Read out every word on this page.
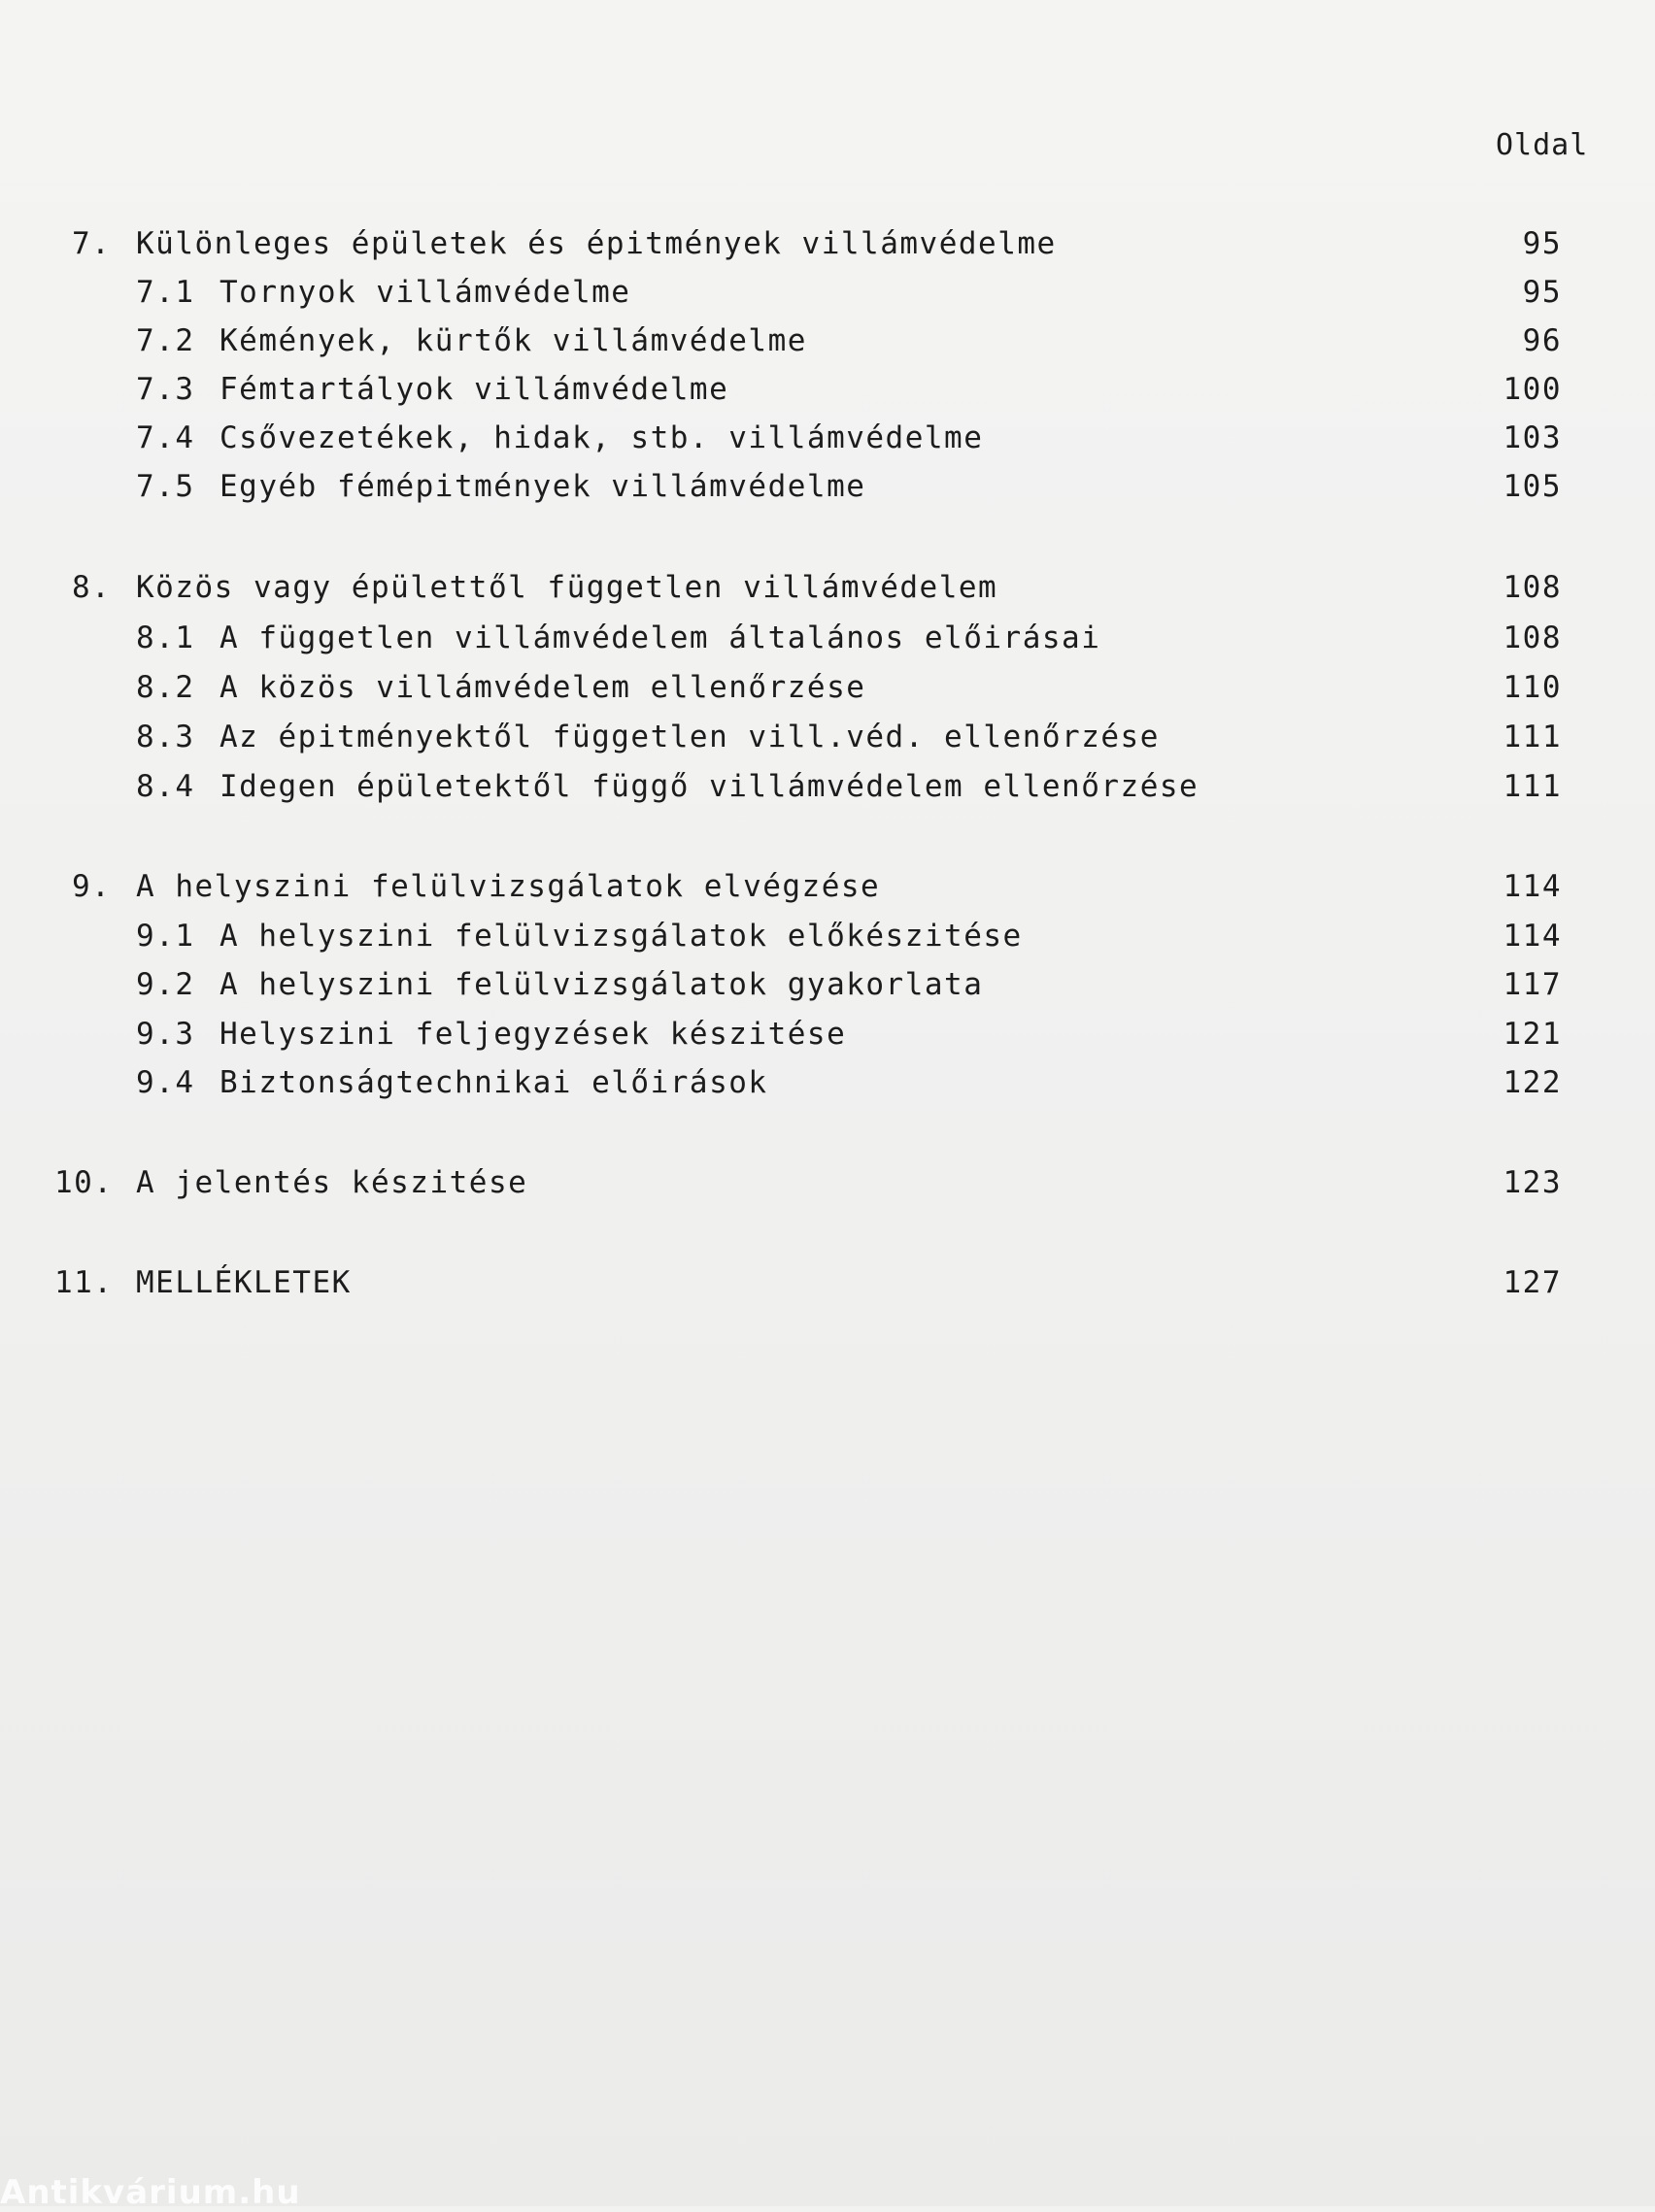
Oldal
7. Különleges épületek és épitmények villámvédelme	95
7.1 Tornyok villámvédelme	95
7.2 Kémények, kürtők villámvédelme	96
7.3 Fémtartályok villámvédelme	100
7.4 Csővezetékek, hidak, stb. villámvédelme	103
7.5 Egyéb fémépitmények villámvédelme	105
8. Közös vagy épülettől független villámvédelem	108
8.1 A független villámvédelem általános előirásai	108
8.2 A közös villámvédelem ellenőrzése	110
8.3 Az épitményektől független vill.véd. ellenőrzése	111
8.4 Idegen épületektől függő villámvédelem ellenőrzése	111
9. A helyszini felülvizsgálatok elvégzése	114
9.1 A helyszini felülvizsgálatok előkészitése	114
9.2 A helyszini felülvizsgálatok gyakorlata	117
9.3 Helyszini feljegyzések készitése	121
9.4 Biztonságtechnikai előirások	122
10. A jelentés készitése	123
11. MELLÉKLETEK	127
Antikvárium.hu
